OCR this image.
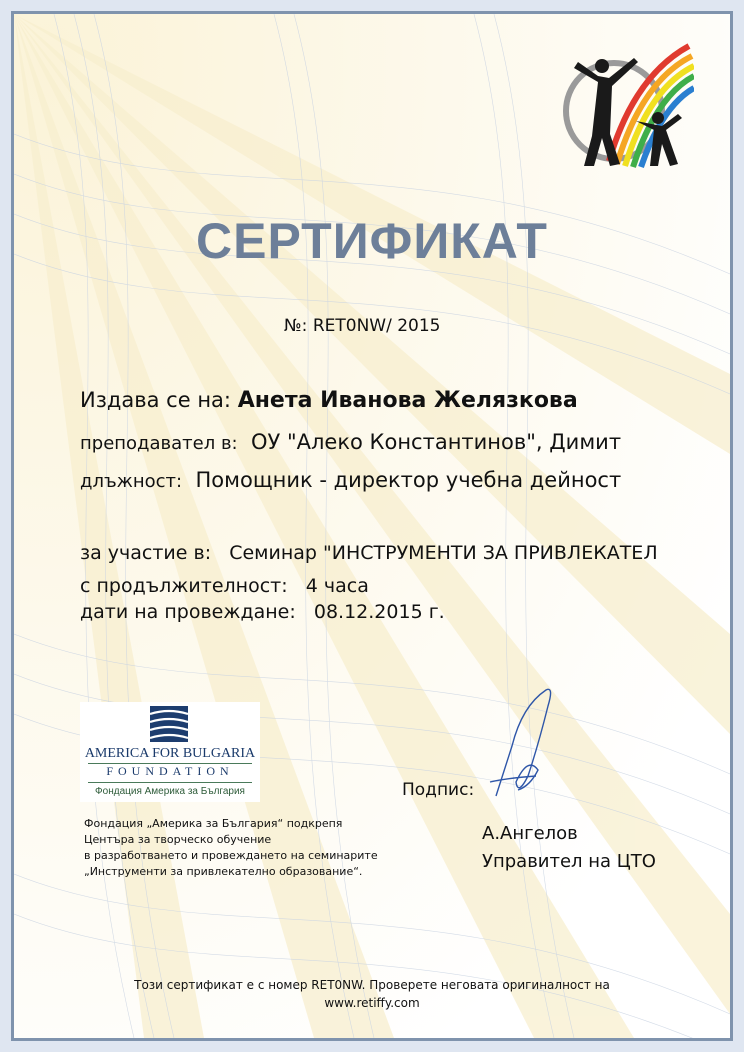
СЕРТИФИКАТ
№: RET0NW/ 2015
Издава се на: Анета Иванова Желязкова
преподавател в: ОУ "Алеко Константинов", Димит
длъжност: Помощник - директор учебна дейност
за участие в: Семинар "ИНСТРУМЕНТИ ЗА ПРИВЛЕКАТЕЛ
с продължителност: 4 часа
дати на провеждане: 08.12.2015 г.
AMERICA FOR BULGARIA
FOUNDATION
Фондация Америка за България
Фондация „Америка за България“ подкрепя
Центъра за творческо обучение
в разработването и провеждането на семинарите
„Инструменти за привлекателно образование“.
Подпис:
А.Ангелов
Управител на ЦТО
Този сертификат е с номер RET0NW. Проверете неговата оригиналност на
www.retiffy.com
